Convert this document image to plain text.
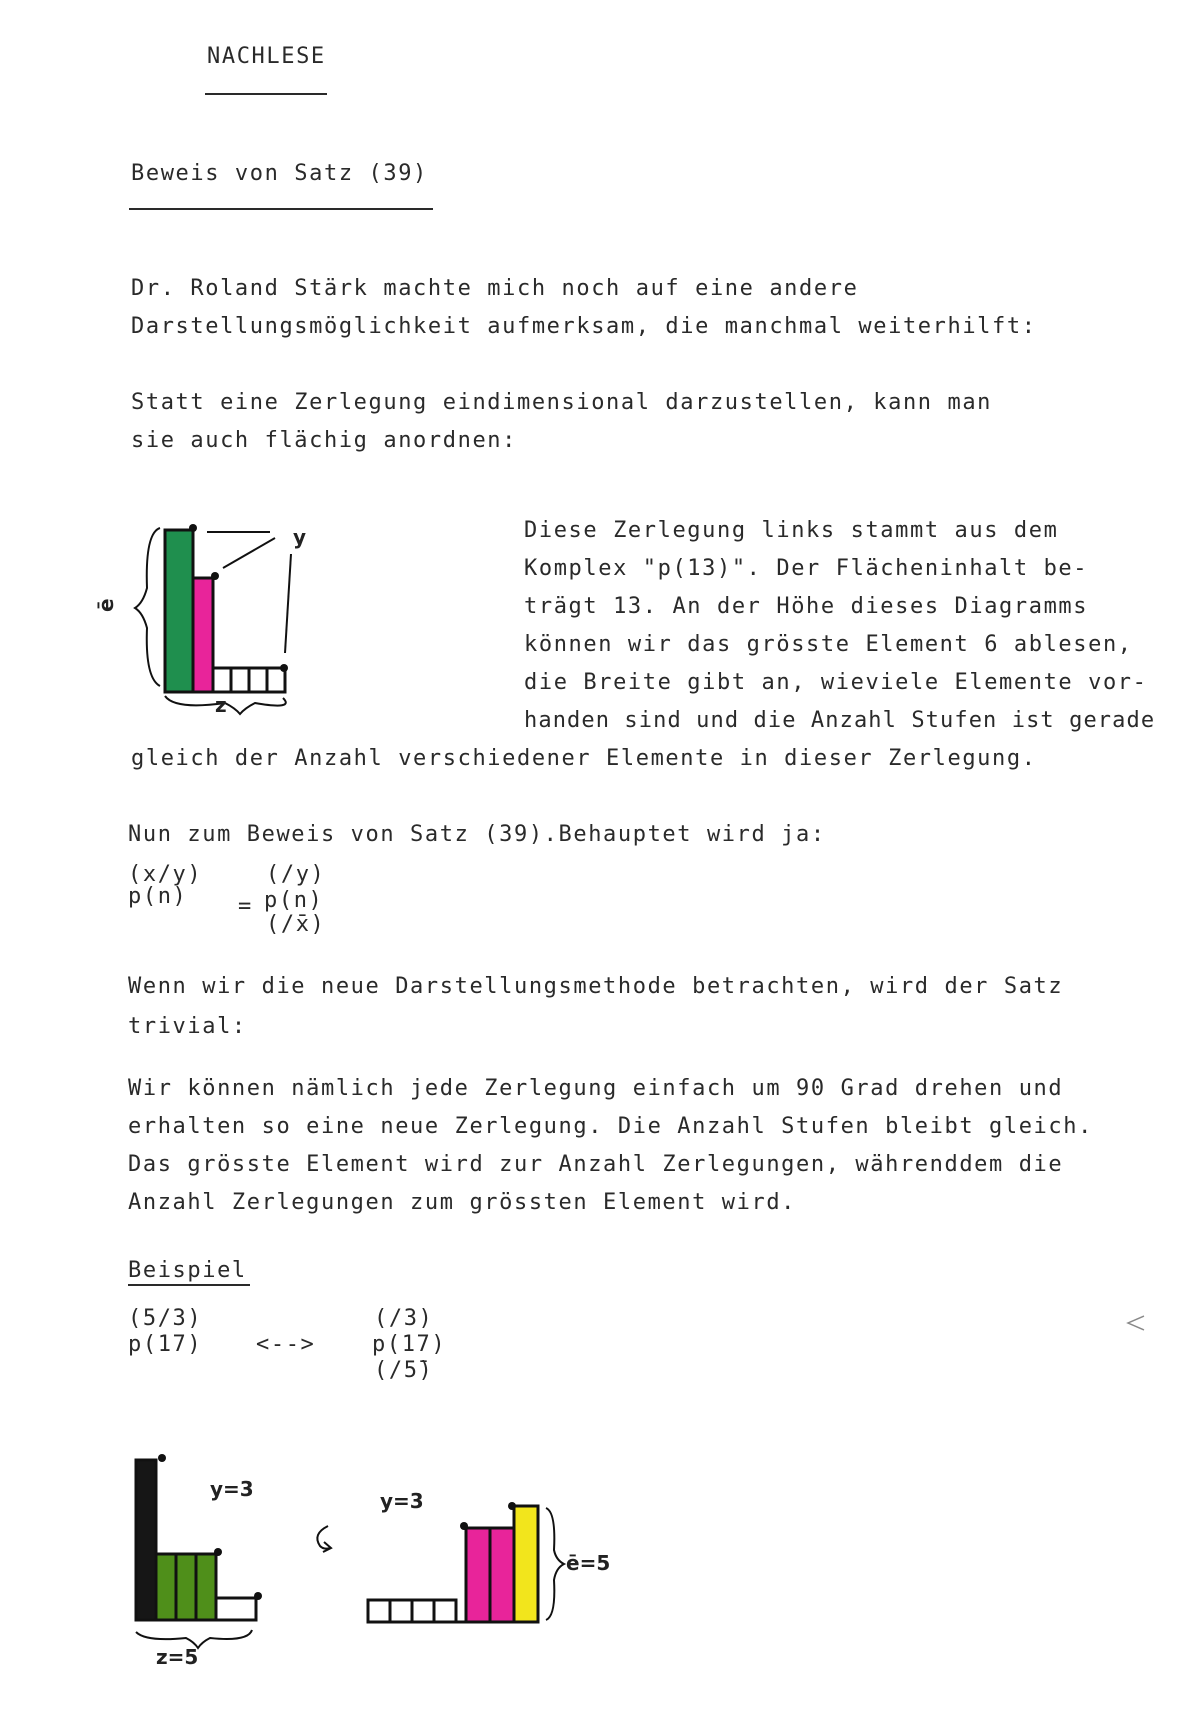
NACHLESE
Beweis von Satz (39)
Dr. Roland Stärk machte mich noch auf eine andere
Darstellungsmöglichkeit aufmerksam, die manchmal weiterhilft:
Statt eine Zerlegung eindimensional darzustellen, kann man
sie auch flächig anordnen:
y
ē
z
Diese Zerlegung links stammt aus dem
Komplex "p(13)". Der Flächeninhalt be-
trägt 13. An der Höhe dieses Diagramms
können wir das grösste Element 6 ablesen,
die Breite gibt an, wieviele Elemente vor-
handen sind und die Anzahl Stufen ist gerade
gleich der Anzahl verschiedener Elemente in dieser Zerlegung.
Nun zum Beweis von Satz (39).Behauptet wird ja:
(x/y)
p(n) =
(/y)
p(n)
(/x̄)
Wenn wir die neue Darstellungsmethode betrachten, wird der Satz
trivial:
Wir können nämlich jede Zerlegung einfach um 90 Grad drehen und
erhalten so eine neue Zerlegung. Die Anzahl Stufen bleibt gleich.
Das grösste Element wird zur Anzahl Zerlegungen, währenddem die
Anzahl Zerlegungen zum grössten Element wird.
Beispiel
(5/3)
p(17) <-->
(/3)
p(17)
(/5̄)
y=3
z=5
y=3
ē=5
